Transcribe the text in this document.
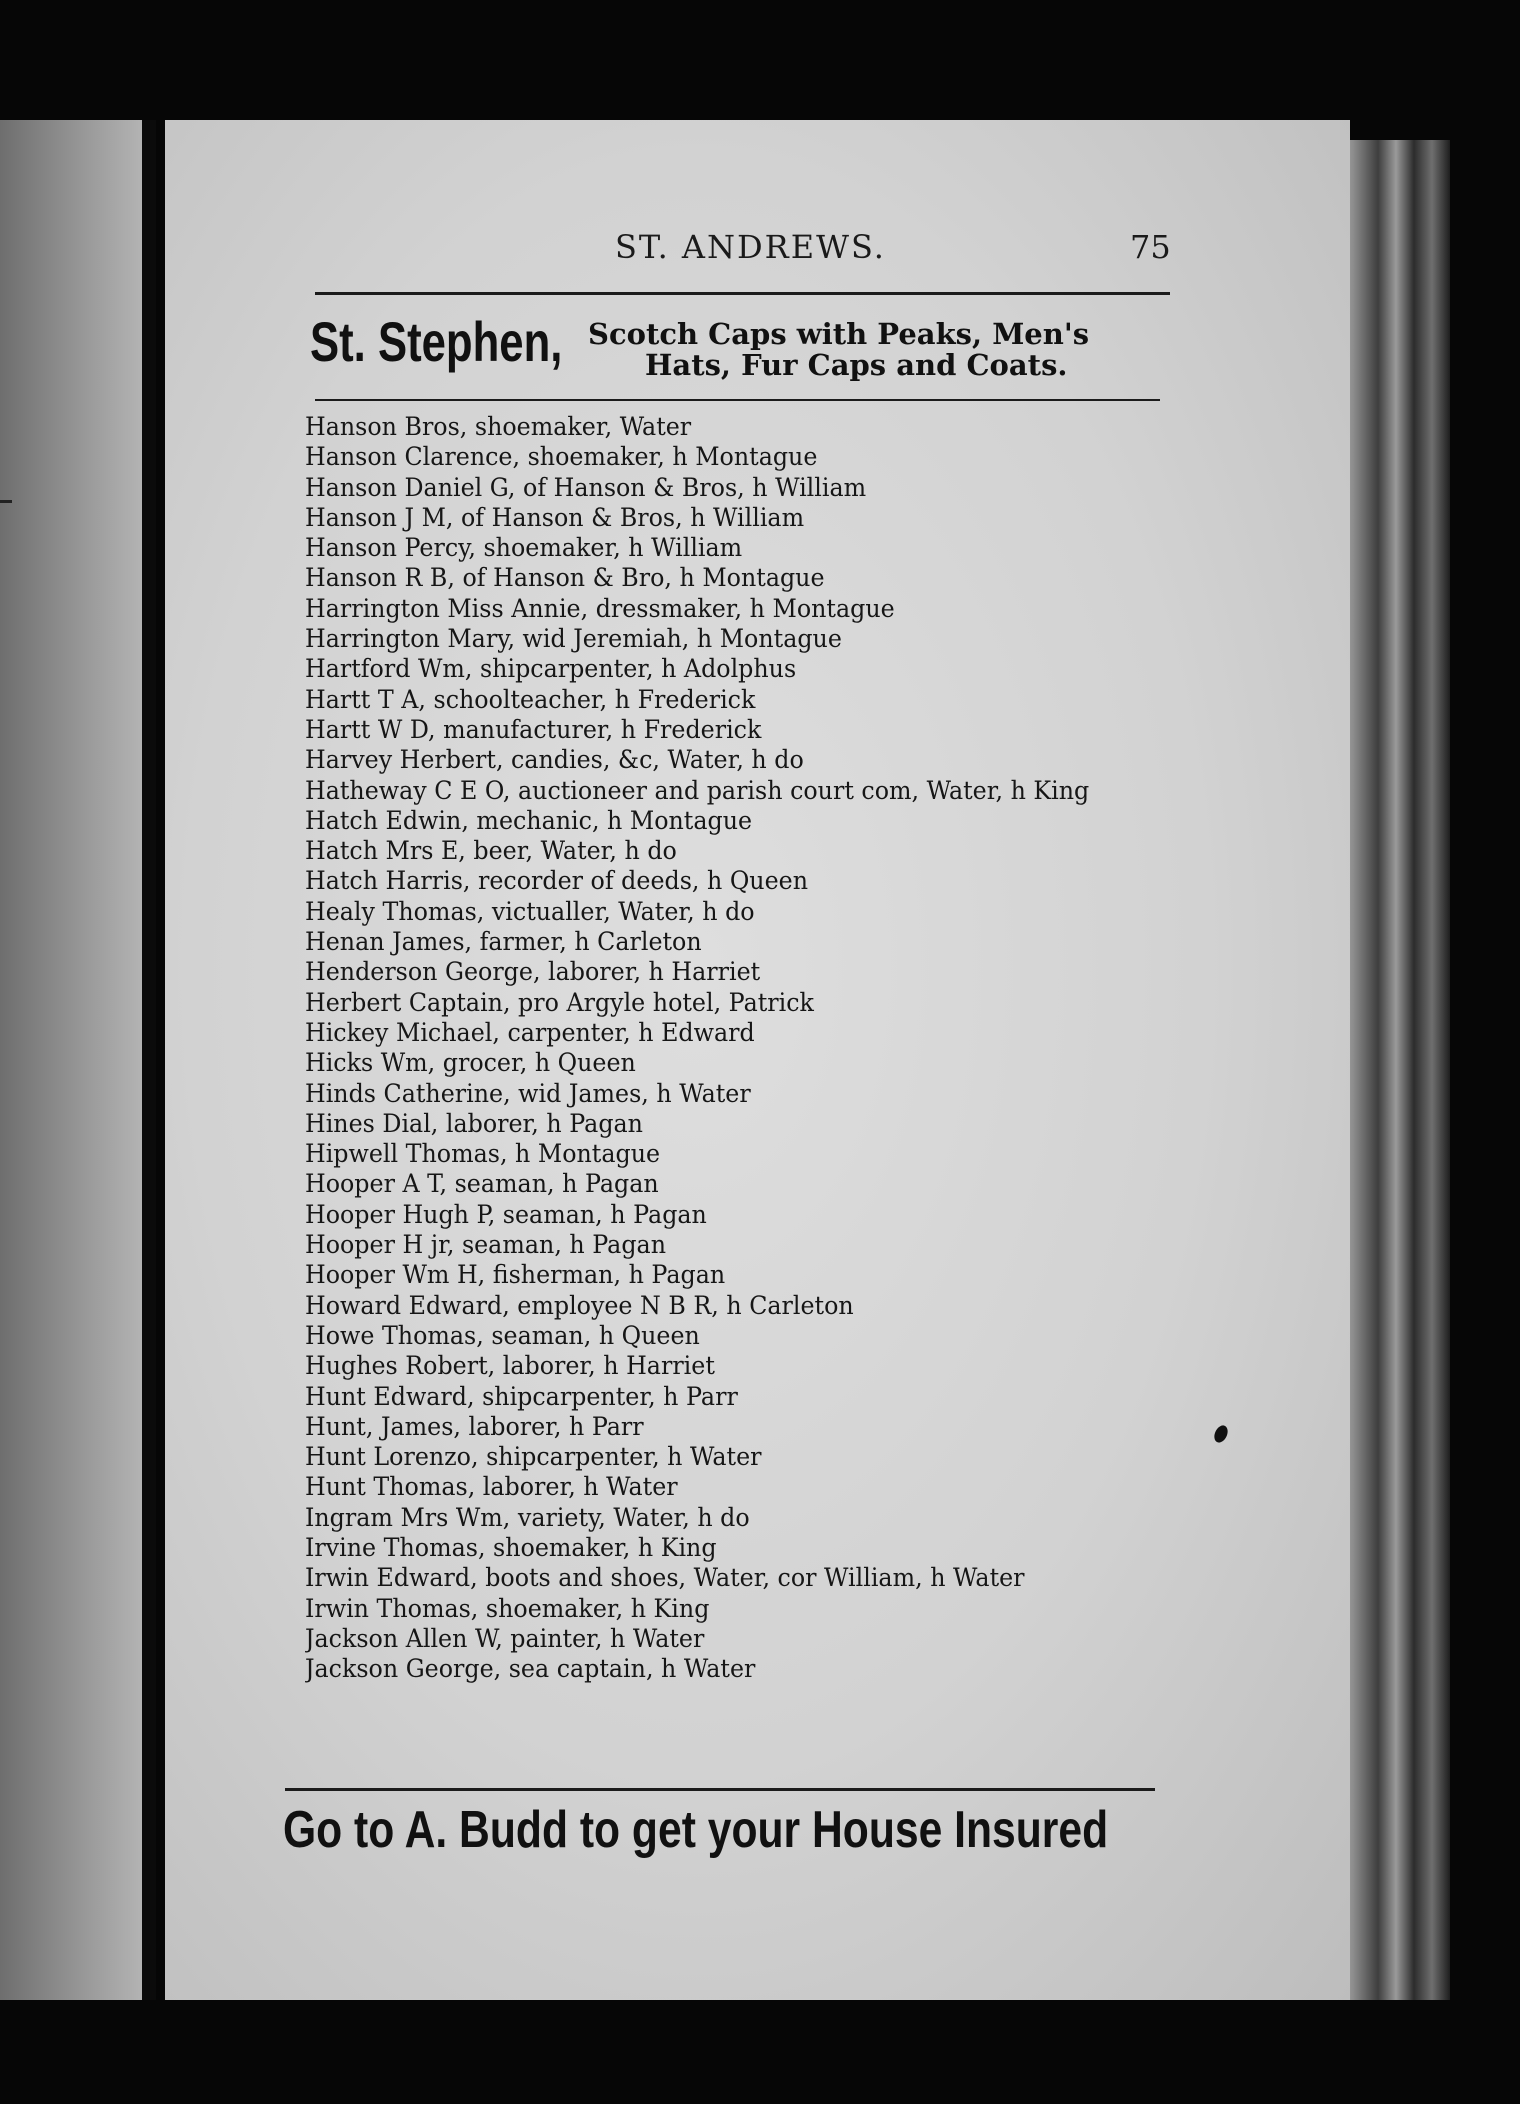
ST. ANDREWS.	75
St. Stephen, Scotch Caps with Peaks, Men's
Hats, Fur Caps and Coats.
Hanson Bros, shoemaker, Water
Hanson Clarence, shoemaker, h Montague
Hanson Daniel G, of Hanson & Bros, h William
Hanson J M, of Hanson & Bros, h William
Hanson Percy, shoemaker, h William
Hanson R B, of Hanson & Bro, h Montague
Harrington Miss Annie, dressmaker, h Montague
Harrington Mary, wid Jeremiah, h Montague
Hartford Wm, shipcarpenter, h Adolphus
Hartt T A, schoolteacher, h Frederick
Hartt W D, manufacturer, h Frederick
Harvey Herbert, candies, &c, Water, h do
Hatheway C E O, auctioneer and parish court com, Water, h King
Hatch Edwin, mechanic, h Montague
Hatch Mrs E, beer, Water, h do
Hatch Harris, recorder of deeds, h Queen
Healy Thomas, victualler, Water, h do
Henan James, farmer, h Carleton
Henderson George, laborer, h Harriet
Herbert Captain, pro Argyle hotel, Patrick
Hickey Michael, carpenter, h Edward
Hicks Wm, grocer, h Queen
Hinds Catherine, wid James, h Water
Hines Dial, laborer, h Pagan
Hipwell Thomas, h Montague
Hooper A T, seaman, h Pagan
Hooper Hugh P, seaman, h Pagan
Hooper H jr, seaman, h Pagan
Hooper Wm H, fisherman, h Pagan
Howard Edward, employee N B R, h Carleton
Howe Thomas, seaman, h Queen
Hughes Robert, laborer, h Harriet
Hunt Edward, shipcarpenter, h Parr
Hunt, James, laborer, h Parr
Hunt Lorenzo, shipcarpenter, h Water
Hunt Thomas, laborer, h Water
Ingram Mrs Wm, variety, Water, h do
Irvine Thomas, shoemaker, h King
Irwin Edward, boots and shoes, Water, cor William, h Water
Irwin Thomas, shoemaker, h King
Jackson Allen W, painter, h Water
Jackson George, sea captain, h Water
Go to A. Budd to get your House Insured
